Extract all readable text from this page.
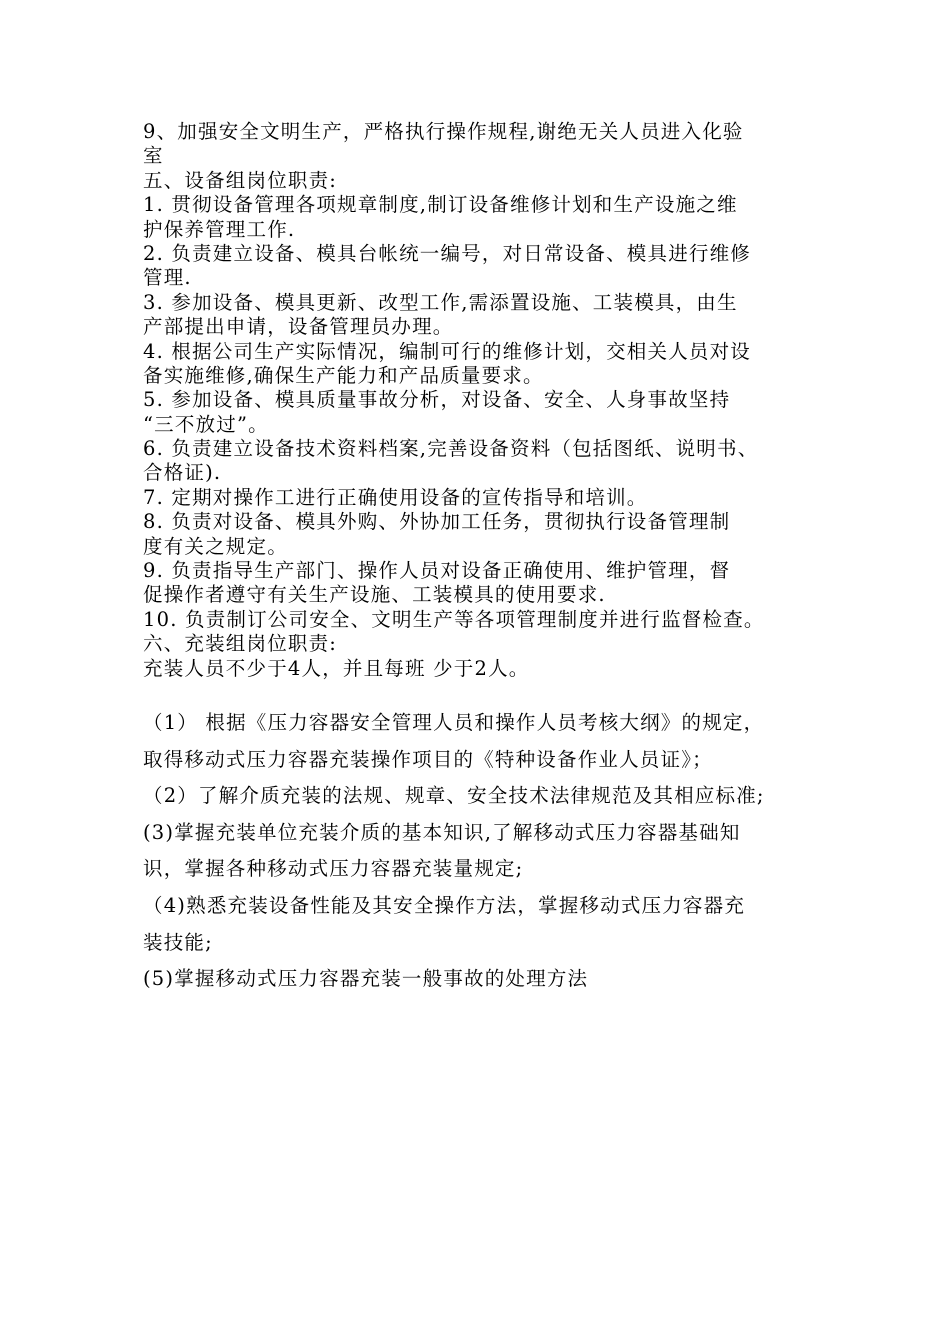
9、加强安全文明生产，严格执行操作规程,谢绝无关人员进入化验
室
五、设备组岗位职责:
1. 贯彻设备管理各项规章制度,制订设备维修计划和生产设施之维
护保养管理工作.
2. 负责建立设备、模具台帐统一编号，对日常设备、模具进行维修
管理.
3. 参加设备、模具更新、改型工作,需添置设施、工装模具，由生
产部提出申请，设备管理员办理。
4. 根据公司生产实际情况，编制可行的维修计划，交相关人员对设
备实施维修,确保生产能力和产品质量要求。
5. 参加设备、模具质量事故分析，对设备、安全、人身事故坚持
“三不放过”。
6. 负责建立设备技术资料档案,完善设备资料（包括图纸、说明书、
合格证).
7. 定期对操作工进行正确使用设备的宣传指导和培训。
8. 负责对设备、模具外购、外协加工任务，贯彻执行设备管理制
度有关之规定。
9. 负责指导生产部门、操作人员对设备正确使用、维护管理，督
促操作者遵守有关生产设施、工装模具的使用要求.
10. 负责制订公司安全、文明生产等各项管理制度并进行监督检查。
六、充装组岗位职责:
充装人员不少于4人，并且每班 少于2人。
（1） 根据《压力容器安全管理人员和操作人员考核大纲》的规定，
取得移动式压力容器充装操作项目的《特种设备作业人员证》；
（2）了解介质充装的法规、规章、安全技术法律规范及其相应标准;
(3)掌握充装单位充装介质的基本知识,了解移动式压力容器基础知
识，掌握各种移动式压力容器充装量规定;
（4)熟悉充装设备性能及其安全操作方法，掌握移动式压力容器充
装技能;
(5)掌握移动式压力容器充装一般事故的处理方法
